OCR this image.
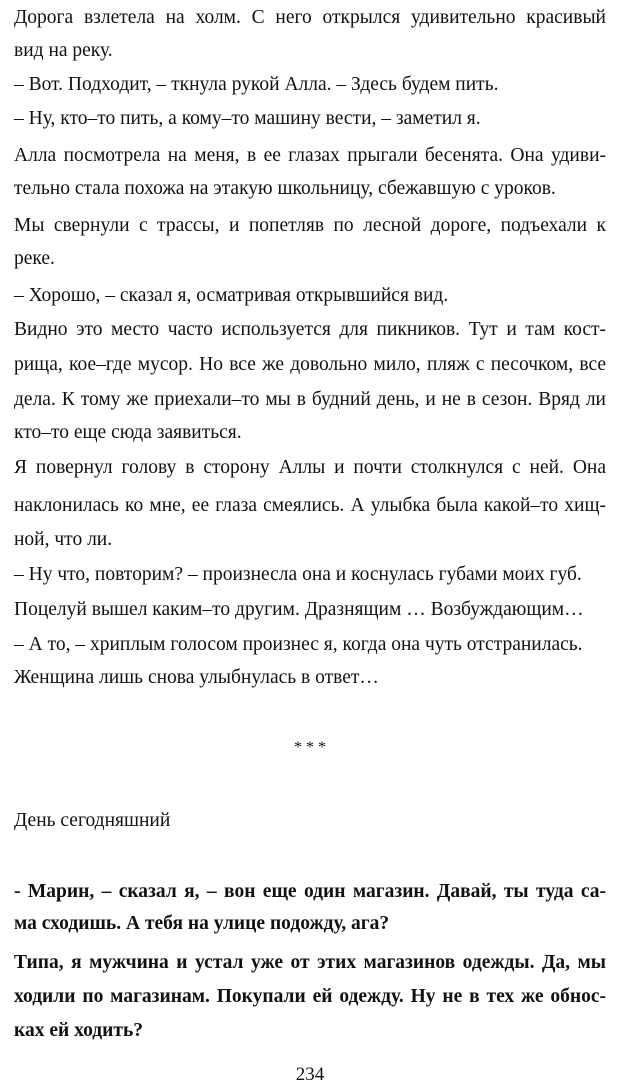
Дорога взлетела на холм. С него открылся удивительно красивый
вид на реку.
– Вот. Подходит, – ткнула рукой Алла. – Здесь будем пить.
– Ну, кто–то пить, а кому–то машину вести, – заметил я.
Алла посмотрела на меня, в ее глазах прыгали бесенята. Она удиви-
тельно стала похожа на этакую школьницу, сбежавшую с уроков.
Мы свернули с трассы, и попетляв по лесной дороге, подъехали к
реке.
– Хорошо, – сказал я, осматривая открывшийся вид.
Видно это место часто используется для пикников. Тут и там кост-
рища, кое–где мусор. Но все же довольно мило, пляж с песочком, все
дела. К тому же приехали–то мы в будний день, и не в сезон. Вряд ли
кто–то еще сюда заявиться.
Я повернул голову в сторону Аллы и почти столкнулся с ней. Она
наклонилась ко мне, ее глаза смеялись. А улыбка была какой–то хищ-
ной, что ли.
– Ну что, повторим? – произнесла она и коснулась губами моих губ.
Поцелуй вышел каким–то другим. Дразнящим … Возбуждающим…
– А то, – хриплым голосом произнес я, когда она чуть отстранилась.
Женщина лишь снова улыбнулась в ответ…
* * *
День сегодняшний
- Марин, – сказал я, – вон еще один магазин. Давай, ты туда са-
ма сходишь. А тебя на улице подожду, ага?
Типа, я мужчина и устал уже от этих магазинов одежды. Да, мы
ходили по магазинам. Покупали ей одежду. Ну не в тех же обнос-
ках ей ходить?
234
